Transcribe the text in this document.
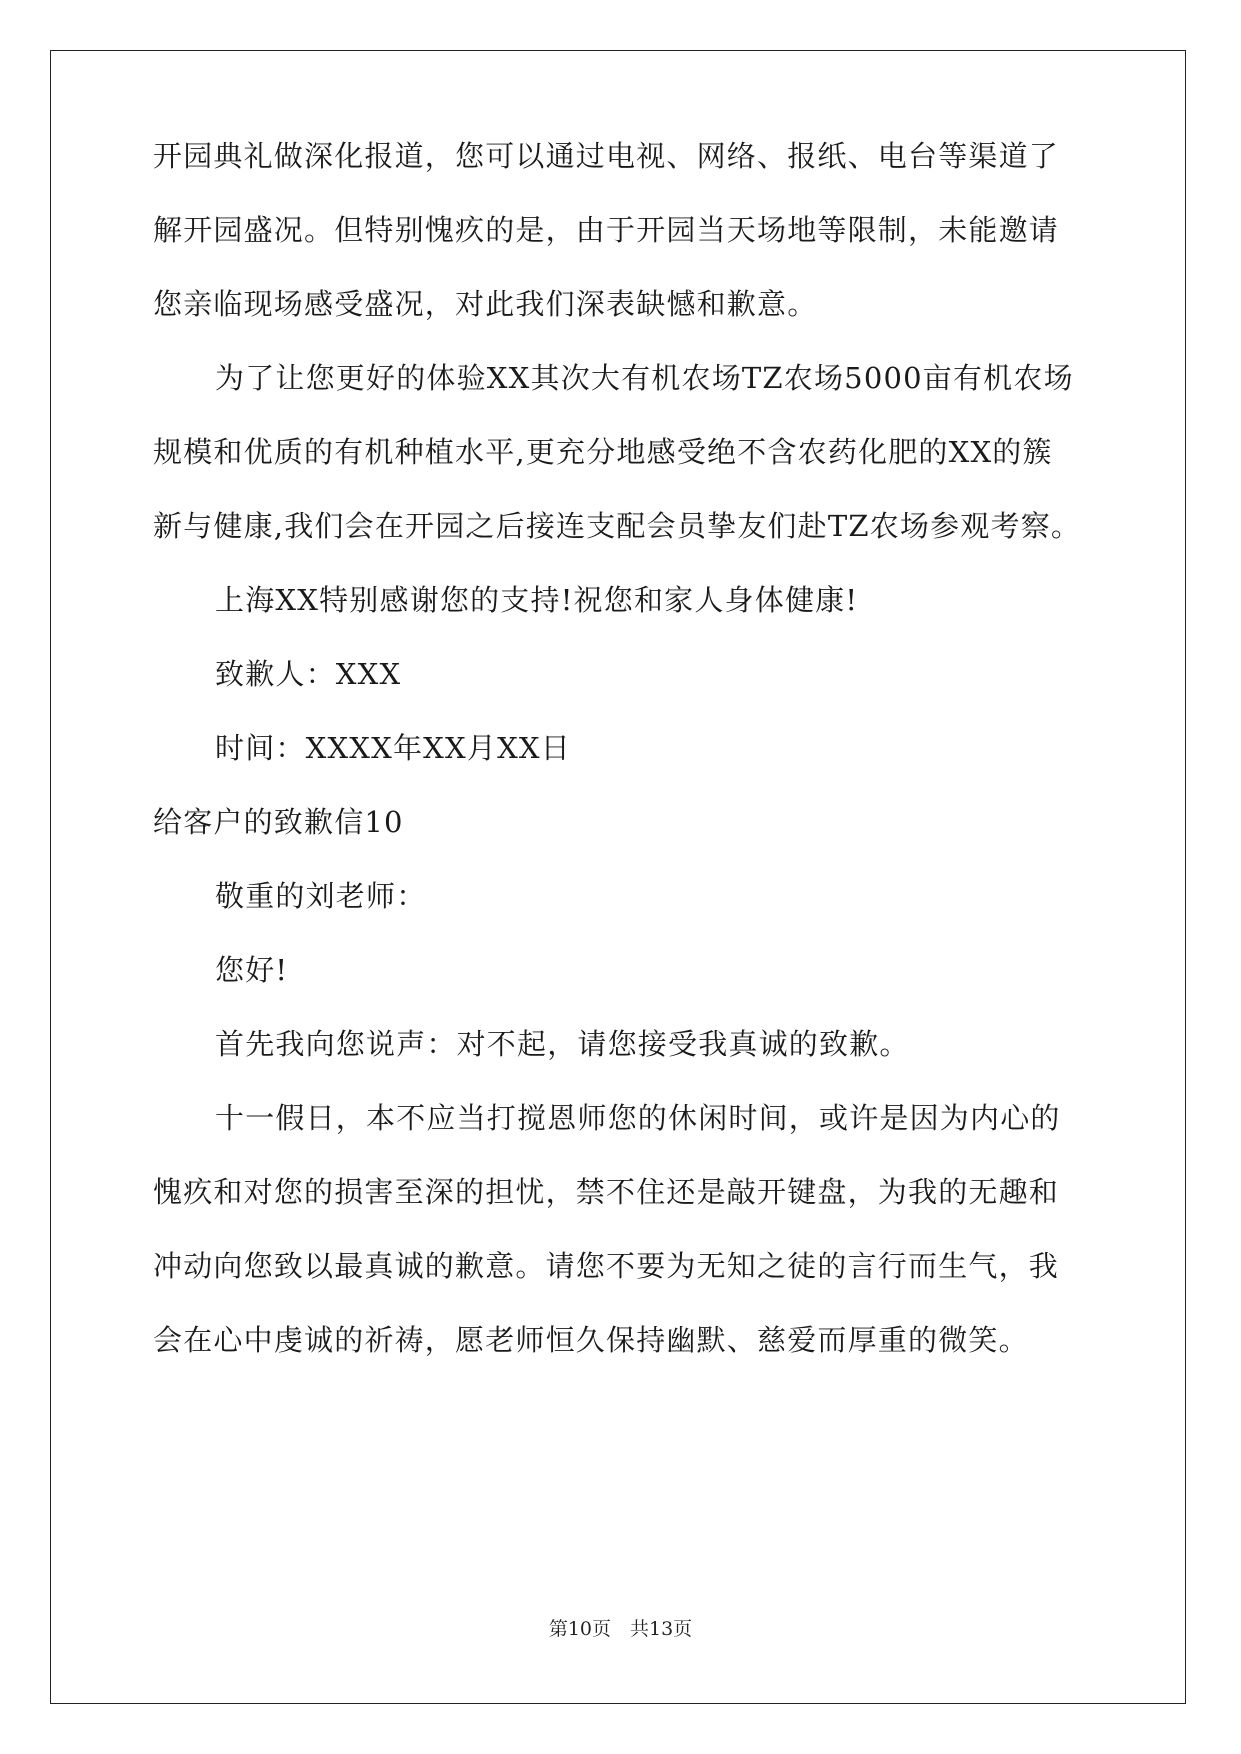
开园典礼做深化报道，您可以通过电视、网络、报纸、电台等渠道了
解开园盛况。但特别愧疚的是，由于开园当天场地等限制，未能邀请
您亲临现场感受盛况，对此我们深表缺憾和歉意。
为了让您更好的体验XX其次大有机农场TZ农场5000亩有机农场
规模和优质的有机种植水平,更充分地感受绝不含农药化肥的XX的簇
新与健康,我们会在开园之后接连支配会员挚友们赴TZ农场参观考察。
上海XX特别感谢您的支持!祝您和家人身体健康!
致歉人：XXX
时间：XXXX年XX月XX日
给客户的致歉信10
敬重的刘老师：
您好!
首先我向您说声：对不起，请您接受我真诚的致歉。
十一假日，本不应当打搅恩师您的休闲时间，或许是因为内心的
愧疚和对您的损害至深的担忧，禁不住还是敲开键盘，为我的无趣和
冲动向您致以最真诚的歉意。请您不要为无知之徒的言行而生气，我
会在心中虔诚的祈祷，愿老师恒久保持幽默、慈爱而厚重的微笑。
第10页　共13页
